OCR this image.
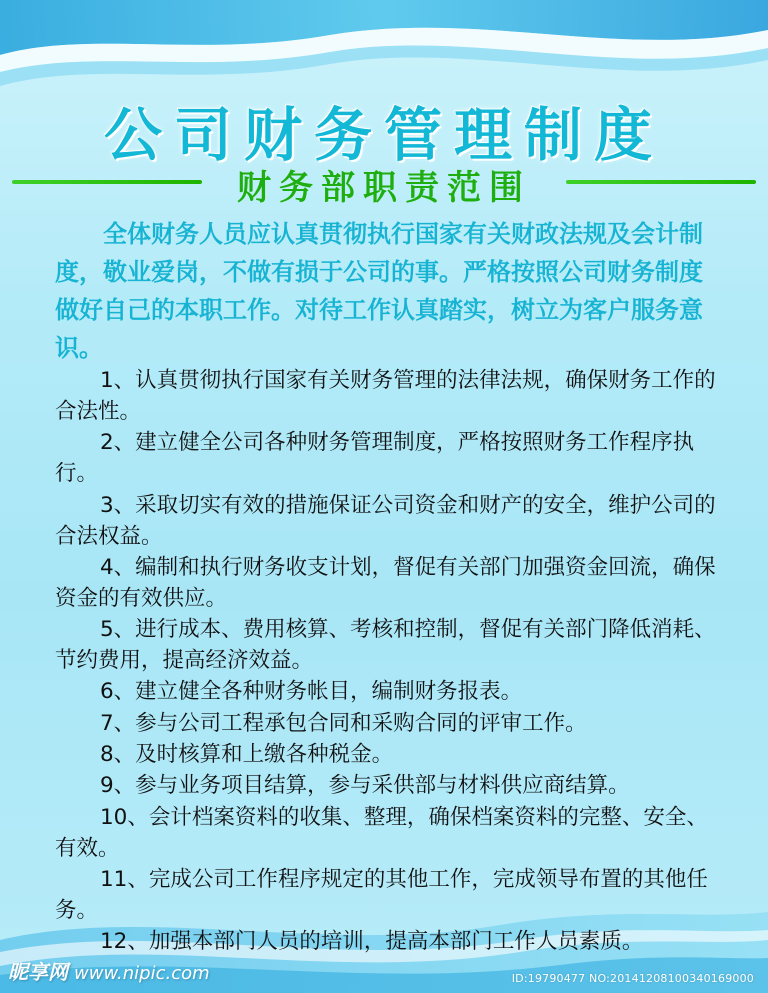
公司财务管理制度
财务部职责范围

全体财务人员应认真贯彻执行国家有关财政法规及会计制度，敬业爱岗，不做有损于公司的事。严格按照公司财务制度做好自己的本职工作。对待工作认真踏实，树立为客户服务意识。

1、认真贯彻执行国家有关财务管理的法律法规，确保财务工作的合法性。
2、建立健全公司各种财务管理制度，严格按照财务工作程序执行。
3、采取切实有效的措施保证公司资金和财产的安全，维护公司的合法权益。
4、编制和执行财务收支计划，督促有关部门加强资金回流，确保资金的有效供应。
5、进行成本、费用核算、考核和控制，督促有关部门降低消耗、节约费用，提高经济效益。
6、建立健全各种财务帐目，编制财务报表。
7、参与公司工程承包合同和采购合同的评审工作。
8、及时核算和上缴各种税金。
9、参与业务项目结算，参与采供部与材料供应商结算。
10、会计档案资料的收集、整理，确保档案资料的完整、安全、有效。
11、完成公司工作程序规定的其他工作，完成领导布置的其他任务。
12、加强本部门人员的培训，提高本部门工作人员素质。
昵享网 www.nipic.com	ID:19790477 NO:20141208100340169000
